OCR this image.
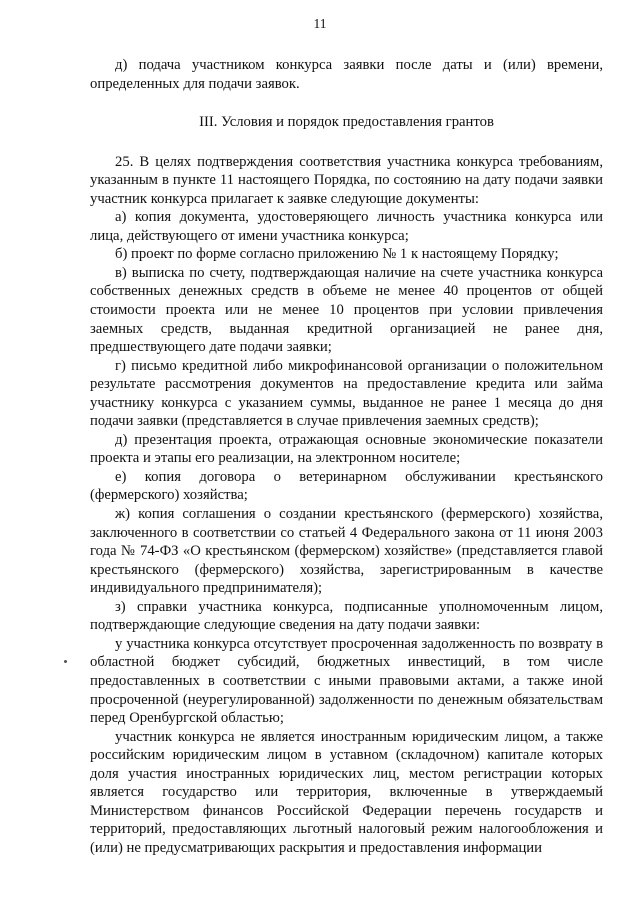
11

д) подача участником конкурса заявки после даты и (или) времени, определенных для подачи заявок.

III. Условия и порядок предоставления грантов

25. В целях подтверждения соответствия участника конкурса требованиям, указанным в пункте 11 настоящего Порядка, по состоянию на дату подачи заявки участник конкурса прилагает к заявке следующие документы:

а) копия документа, удостоверяющего личность участника конкурса или лица, действующего от имени участника конкурса;

б) проект по форме согласно приложению № 1 к настоящему Порядку;

в) выписка по счету, подтверждающая наличие на счете участника конкурса собственных денежных средств в объеме не менее 40 процентов от общей стоимости проекта или не менее 10 процентов при условии привлечения заемных средств, выданная кредитной организацией не ранее дня, предшествующего дате подачи заявки;

г) письмо кредитной либо микрофинансовой организации о положительном результате рассмотрения документов на предоставление кредита или займа участнику конкурса с указанием суммы, выданное не ранее 1 месяца до дня подачи заявки (представляется в случае привлечения заемных средств);

д) презентация проекта, отражающая основные экономические показатели проекта и этапы его реализации, на электронном носителе;

е) копия договора о ветеринарном обслуживании крестьянского (фермерского) хозяйства;

ж) копия соглашения о создании крестьянского (фермерского) хозяйства, заключенного в соответствии со статьей 4 Федерального закона от 11 июня 2003 года № 74-ФЗ «О крестьянском (фермерском) хозяйстве» (представляется главой крестьянского (фермерского) хозяйства, зарегистрированным в качестве индивидуального предпринимателя);

з) справки участника конкурса, подписанные уполномоченным лицом, подтверждающие следующие сведения на дату подачи заявки:

у участника конкурса отсутствует просроченная задолженность по возврату в областной бюджет субсидий, бюджетных инвестиций, в том числе предоставленных в соответствии с иными правовыми актами, а также иной просроченной (неурегулированной) задолженности по денежным обязательствам перед Оренбургской областью;

участник конкурса не является иностранным юридическим лицом, а также российским юридическим лицом в уставном (складочном) капитале которых доля участия иностранных юридических лиц, местом регистрации которых является государство или территория, включенные в утверждаемый Министерством финансов Российской Федерации перечень государств и территорий, предоставляющих льготный налоговый режим налогообложения и (или) не предусматривающих раскрытия и предоставления информации
